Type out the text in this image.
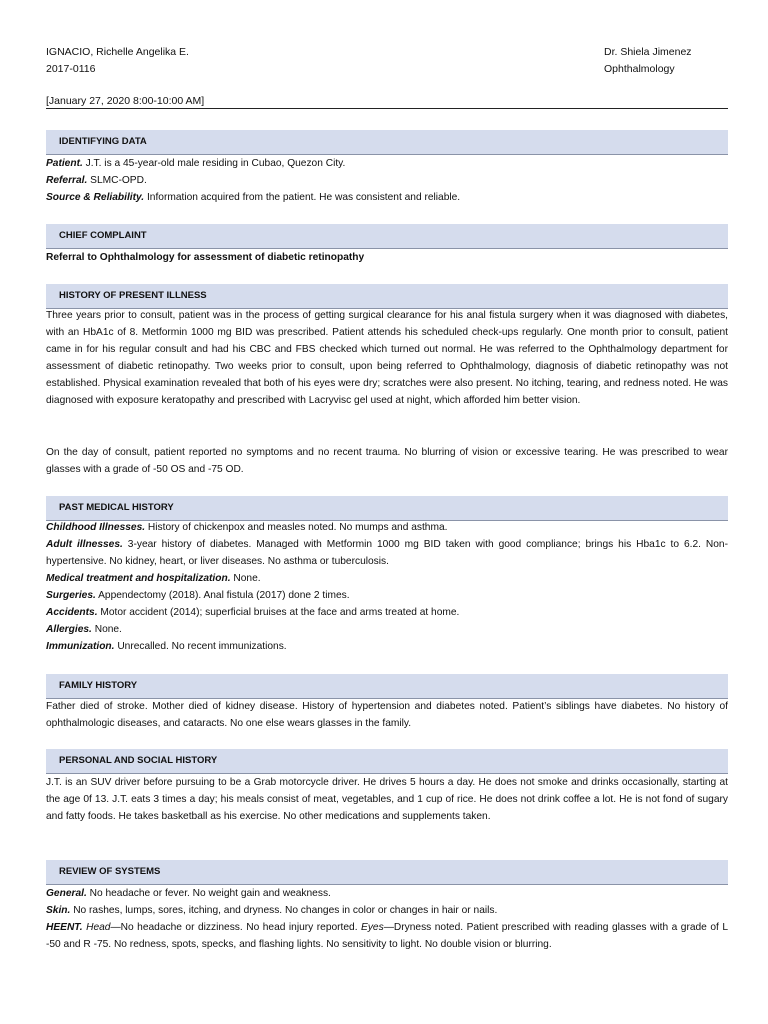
IGNACIO, Richelle Angelika E.
2017-0116
Dr. Shiela Jimenez
Ophthalmology
[January 27, 2020 8:00-10:00 AM]
IDENTIFYING DATA
Patient. J.T. is a 45-year-old male residing in Cubao, Quezon City.
Referral. SLMC-OPD.
Source & Reliability. Information acquired from the patient. He was consistent and reliable.
CHIEF COMPLAINT
Referral to Ophthalmology for assessment of diabetic retinopathy
HISTORY OF PRESENT ILLNESS
Three years prior to consult, patient was in the process of getting surgical clearance for his anal fistula surgery when it was diagnosed with diabetes, with an HbA1c of 8. Metformin 1000 mg BID was prescribed. Patient attends his scheduled check-ups regularly. One month prior to consult, patient came in for his regular consult and had his CBC and FBS checked which turned out normal. He was referred to the Ophthalmology department for assessment of diabetic retinopathy. Two weeks prior to consult, upon being referred to Ophthalmology, diagnosis of diabetic retinopathy was not established. Physical examination revealed that both of his eyes were dry; scratches were also present. No itching, tearing, and redness noted. He was diagnosed with exposure keratopathy and prescribed with Lacryvisc gel used at night, which afforded him better vision.
On the day of consult, patient reported no symptoms and no recent trauma. No blurring of vision or excessive tearing. He was prescribed to wear glasses with a grade of -50 OS and -75 OD.
PAST MEDICAL HISTORY
Childhood Illnesses. History of chickenpox and measles noted. No mumps and asthma.
Adult illnesses. 3-year history of diabetes. Managed with Metformin 1000 mg BID taken with good compliance; brings his Hba1c to 6.2. Non-hypertensive. No kidney, heart, or liver diseases. No asthma or tuberculosis.
Medical treatment and hospitalization. None.
Surgeries. Appendectomy (2018). Anal fistula (2017) done 2 times.
Accidents. Motor accident (2014); superficial bruises at the face and arms treated at home.
Allergies. None.
Immunization. Unrecalled. No recent immunizations.
FAMILY HISTORY
Father died of stroke. Mother died of kidney disease. History of hypertension and diabetes noted. Patient’s siblings have diabetes. No history of ophthalmologic diseases, and cataracts. No one else wears glasses in the family.
PERSONAL AND SOCIAL HISTORY
J.T. is an SUV driver before pursuing to be a Grab motorcycle driver. He drives 5 hours a day. He does not smoke and drinks occasionally, starting at the age 0f 13. J.T. eats 3 times a day; his meals consist of meat, vegetables, and 1 cup of rice. He does not drink coffee a lot. He is not fond of sugary and fatty foods. He takes basketball as his exercise. No other medications and supplements taken.
REVIEW OF SYSTEMS
General. No headache or fever. No weight gain and weakness.
Skin. No rashes, lumps, sores, itching, and dryness. No changes in color or changes in hair or nails.
HEENT. Head—No headache or dizziness. No head injury reported. Eyes—Dryness noted. Patient prescribed with reading glasses with a grade of L -50 and R -75. No redness, spots, specks, and flashing lights. No sensitivity to light. No double vision or blurring.
